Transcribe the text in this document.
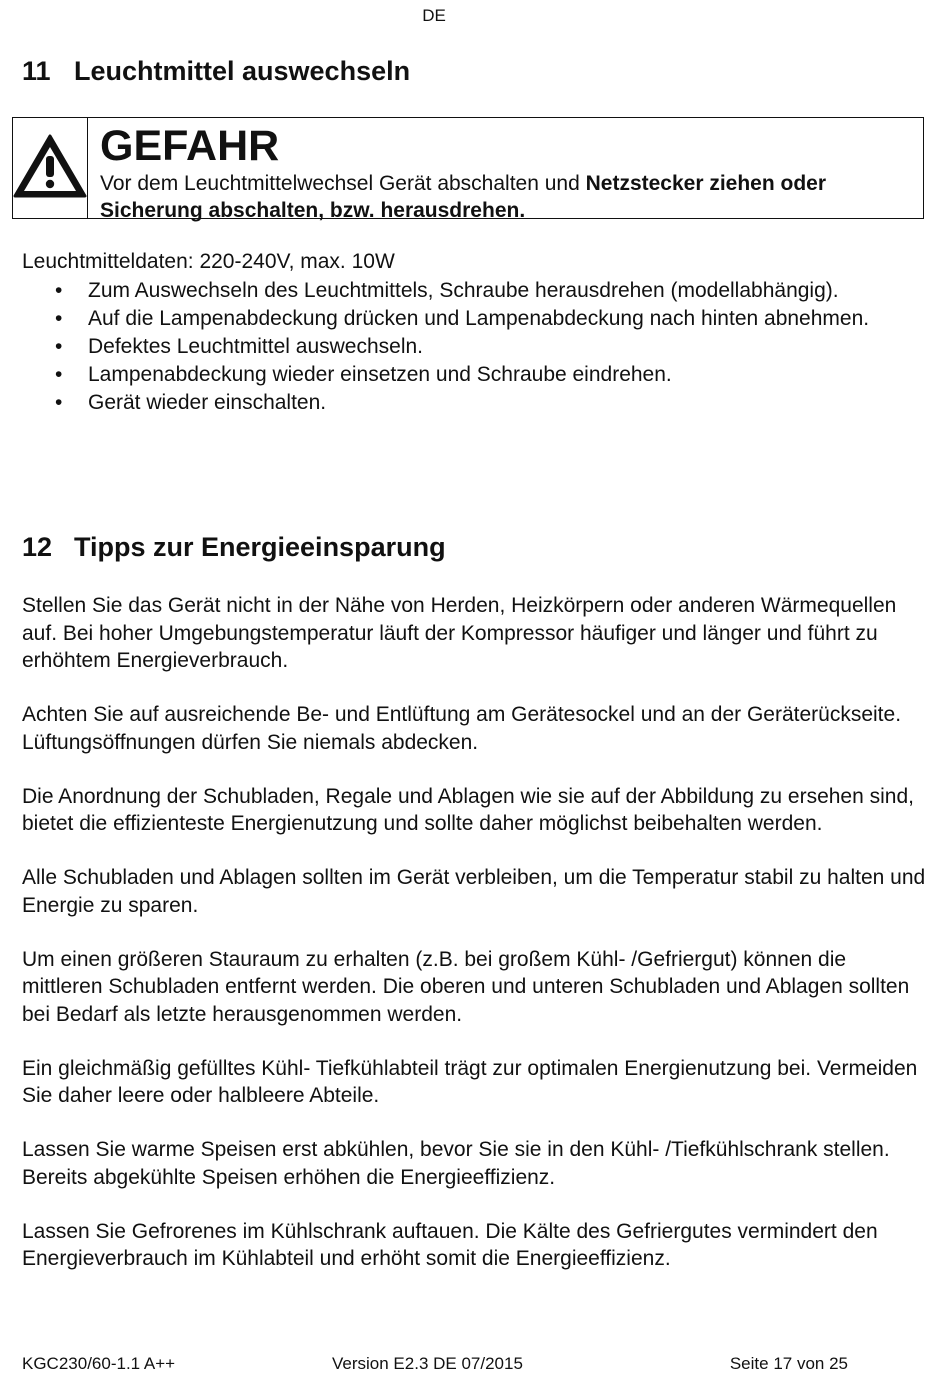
DE
11 Leuchtmittel auswechseln
GEFAHR
Vor dem Leuchtmittelwechsel Gerät abschalten und Netzstecker ziehen oder Sicherung abschalten, bzw. herausdrehen.
Leuchtmitteldaten: 220-240V, max. 10W
• Zum Auswechseln des Leuchtmittels, Schraube herausdrehen (modellabhängig).
• Auf die Lampenabdeckung drücken und Lampenabdeckung nach hinten abnehmen.
• Defektes Leuchtmittel auswechseln.
• Lampenabdeckung wieder einsetzen und Schraube eindrehen.
• Gerät wieder einschalten.
12 Tipps zur Energieeinsparung

Stellen Sie das Gerät nicht in der Nähe von Herden, Heizkörpern oder anderen Wärmequellen auf. Bei hoher Umgebungstemperatur läuft der Kompressor häufiger und länger und führt zu erhöhtem Energieverbrauch.

Achten Sie auf ausreichende Be- und Entlüftung am Gerätesockel und an der Geräterückseite. Lüftungsöffnungen dürfen Sie niemals abdecken.

Die Anordnung der Schubladen, Regale und Ablagen wie sie auf der Abbildung zu ersehen sind, bietet die effizienteste Energienutzung und sollte daher möglichst beibehalten werden.

Alle Schubladen und Ablagen sollten im Gerät verbleiben, um die Temperatur stabil zu halten und Energie zu sparen.

Um einen größeren Stauraum zu erhalten (z.B. bei großem Kühl- /Gefriergut) können die mittleren Schubladen entfernt werden. Die oberen und unteren Schubladen und Ablagen sollten bei Bedarf als letzte herausgenommen werden.

Ein gleichmäßig gefülltes Kühl- Tiefkühlabteil trägt zur optimalen Energienutzung bei. Vermeiden Sie daher leere oder halbleere Abteile.

Lassen Sie warme Speisen erst abkühlen, bevor Sie sie in den Kühl- /Tiefkühlschrank stellen. Bereits abgekühlte Speisen erhöhen die Energieeffizienz.

Lassen Sie Gefrorenes im Kühlschrank auftauen. Die Kälte des Gefriergutes vermindert den Energieverbrauch im Kühlabteil und erhöht somit die Energieeffizienz.

KGC230/60-1.1 A++	Version E2.3 DE 07/2015	Seite 17 von 25
